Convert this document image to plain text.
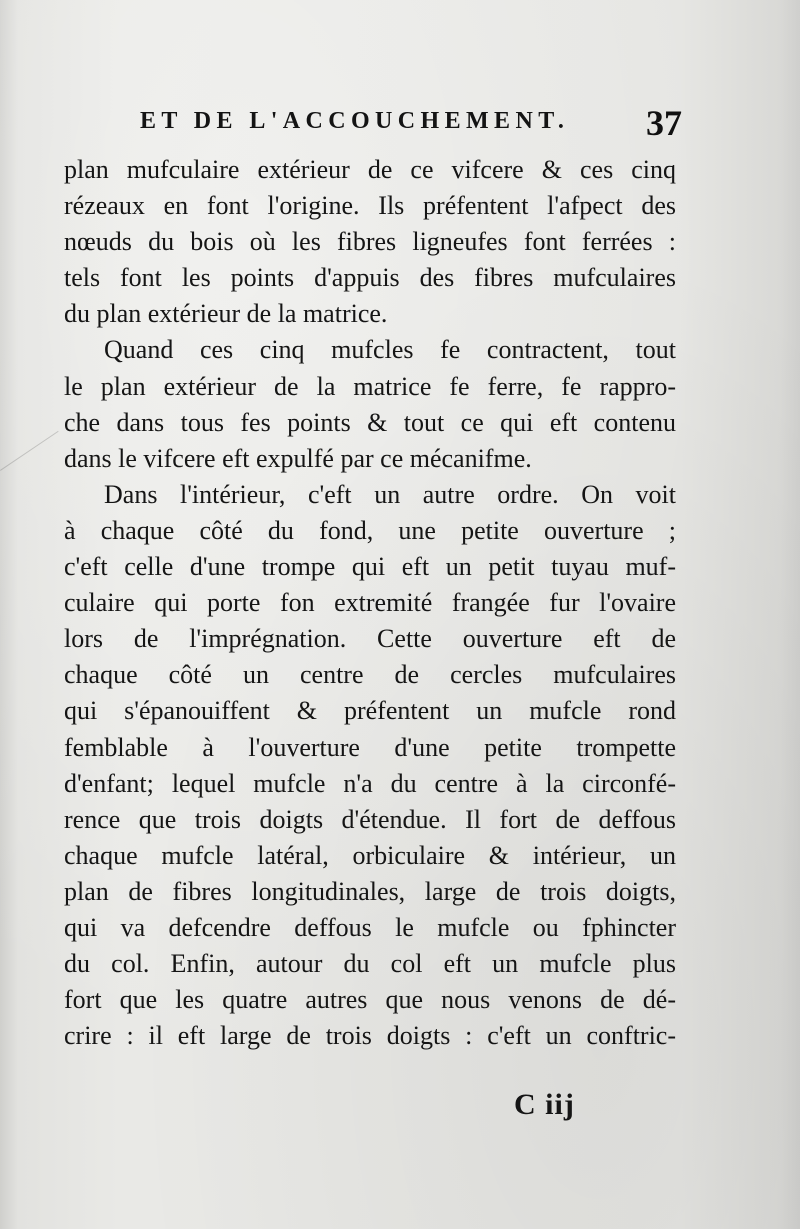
ET DE L'ACCOUCHEMENT. 37
plan mufculaire extérieur de ce vifcere & ces cinq
rézeaux en font l'origine. Ils préfentent l'afpect des
nœuds du bois où les fibres ligneufes font ferrées :
tels font les points d'appuis des fibres mufculaires
du plan extérieur de la matrice.
Quand ces cinq mufcles fe contractent, tout
le plan extérieur de la matrice fe ferre, fe rappro-
che dans tous fes points & tout ce qui eft contenu
dans le vifcere eft expulfé par ce mécanifme.
Dans l'intérieur, c'eft un autre ordre. On voit
à chaque côté du fond, une petite ouverture ;
c'eft celle d'une trompe qui eft un petit tuyau muf-
culaire qui porte fon extremité frangée fur l'ovaire
lors de l'imprégnation. Cette ouverture eft de
chaque côté un centre de cercles mufculaires
qui s'épanouiffent & préfentent un mufcle rond
femblable à l'ouverture d'une petite trompette
d'enfant; lequel mufcle n'a du centre à la circonfé-
rence que trois doigts d'étendue. Il fort de deffous
chaque mufcle latéral, orbiculaire & intérieur, un
plan de fibres longitudinales, large de trois doigts,
qui va defcendre deffous le mufcle ou fphincter
du col. Enfin, autour du col eft un mufcle plus
fort que les quatre autres que nous venons de dé-
crire : il eft large de trois doigts : c'eft un conftric-
C iij
